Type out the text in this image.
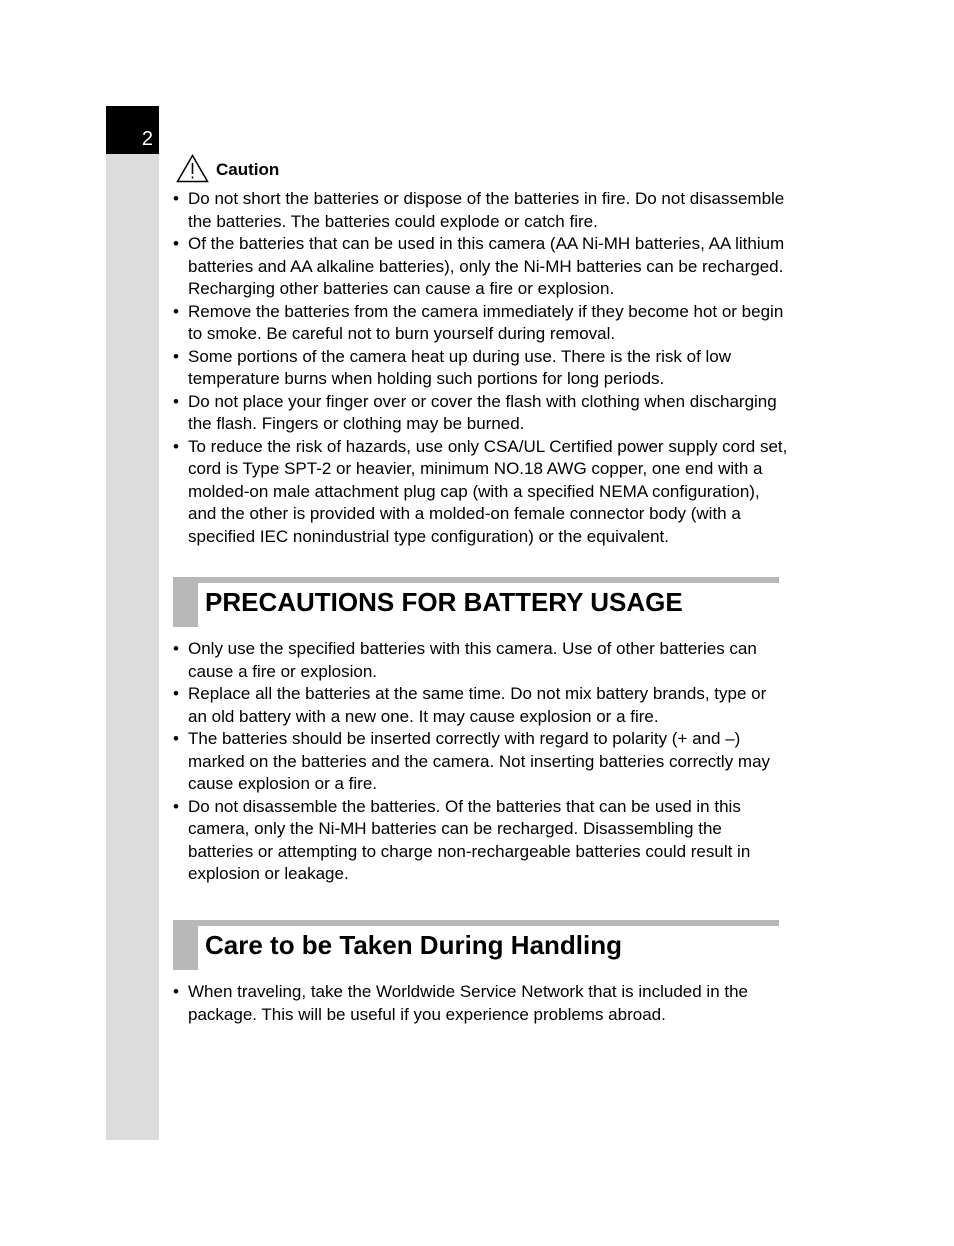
2
Caution
• Do not short the batteries or dispose of the batteries in fire. Do not disassemble the batteries. The batteries could explode or catch fire.
• Of the batteries that can be used in this camera (AA Ni-MH batteries, AA lithium batteries and AA alkaline batteries), only the Ni-MH batteries can be recharged. Recharging other batteries can cause a fire or explosion.
• Remove the batteries from the camera immediately if they become hot or begin to smoke. Be careful not to burn yourself during removal.
• Some portions of the camera heat up during use. There is the risk of low temperature burns when holding such portions for long periods.
• Do not place your finger over or cover the flash with clothing when discharging the flash. Fingers or clothing may be burned.
• To reduce the risk of hazards, use only CSA/UL Certified power supply cord set, cord is Type SPT-2 or heavier, minimum NO.18 AWG copper, one end with a molded-on male attachment plug cap (with a specified NEMA configuration), and the other is provided with a molded-on female connector body (with a specified IEC nonindustrial type configuration) or the equivalent.
PRECAUTIONS FOR BATTERY USAGE
• Only use the specified batteries with this camera. Use of other batteries can cause a fire or explosion.
• Replace all the batteries at the same time. Do not mix battery brands, type or an old battery with a new one. It may cause explosion or a fire.
• The batteries should be inserted correctly with regard to polarity (+ and –) marked on the batteries and the camera. Not inserting batteries correctly may cause explosion or a fire.
• Do not disassemble the batteries. Of the batteries that can be used in this camera, only the Ni-MH batteries can be recharged. Disassembling the batteries or attempting to charge non-rechargeable batteries could result in explosion or leakage.
Care to be Taken During Handling
• When traveling, take the Worldwide Service Network that is included in the package. This will be useful if you experience problems abroad.
